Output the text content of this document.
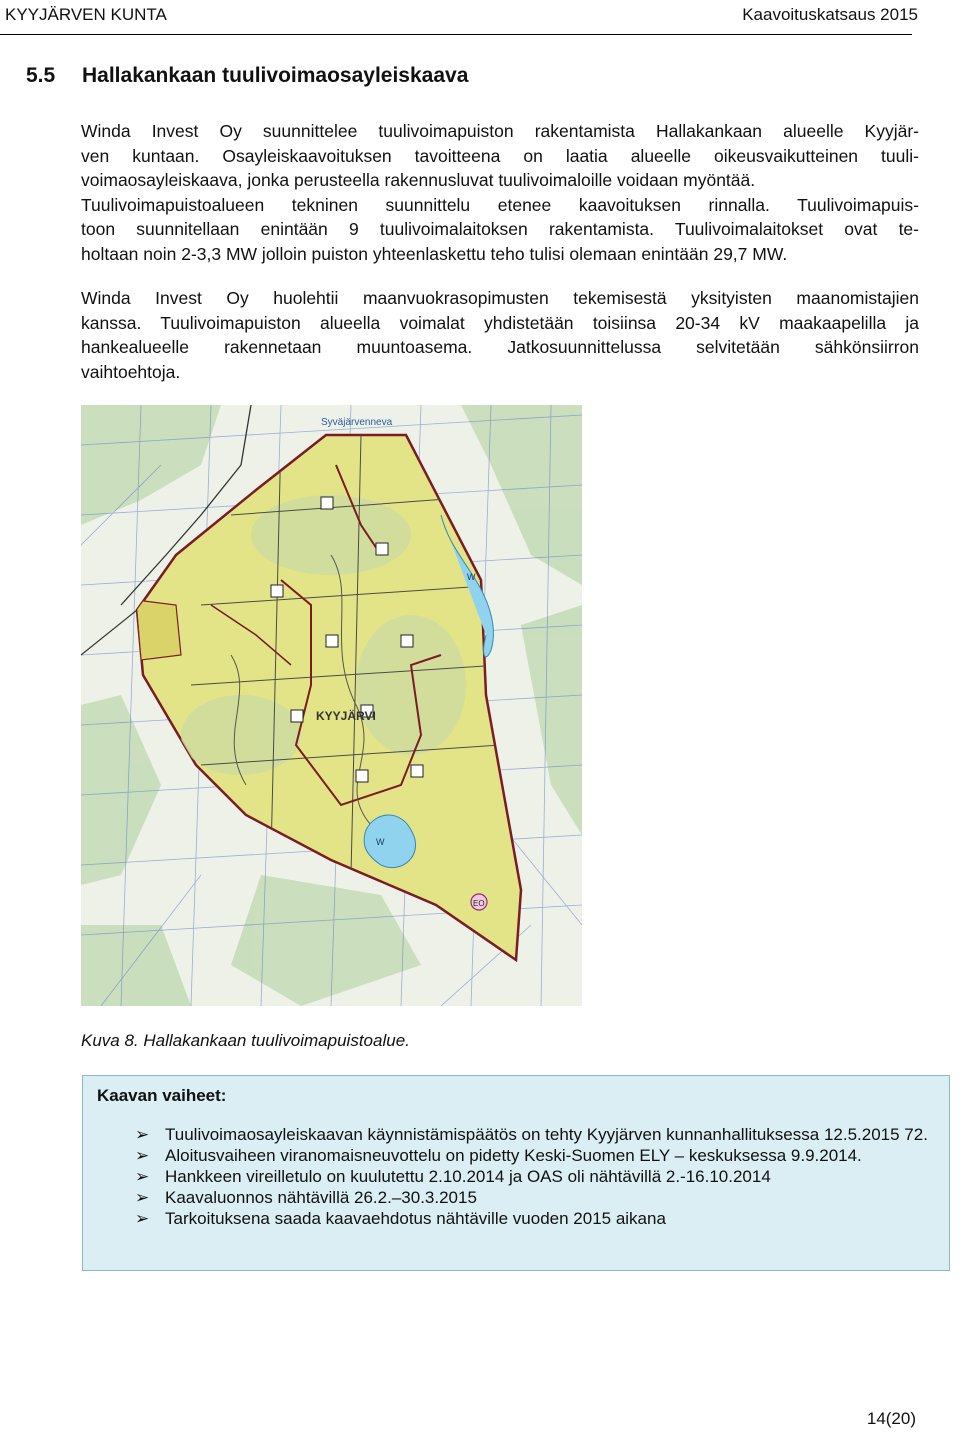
KYYJÄRVEN KUNTA	Kaavoituskatsaus 2015
5.5 Hallakankaan tuulivoimaosayleiskaava
Winda Invest Oy suunnittelee tuulivoimapuiston rakentamista Hallakankaan alueelle Kyyjär-
ven kuntaan. Osayleiskaavoituksen tavoitteena on laatia alueelle oikeusvaikutteinen tuuli-
voimaosayleiskaava, jonka perusteella rakennusluvat tuulivoimaloille voidaan myöntää.
Tuulivoimapuistoalueen tekninen suunnittelu etenee kaavoituksen rinnalla. Tuulivoimapuis-
toon suunnitellaan enintään 9 tuulivoimalaitoksen rakentamista. Tuulivoimalaitokset ovat te-
holtaan noin 2-3,3 MW jolloin puiston yhteenlaskettu teho tulisi olemaan enintään 29,7 MW.
Winda Invest Oy huolehtii maanvuokrasopimusten tekemisestä yksityisten maanomistajien
kanssa. Tuulivoimapuiston alueella voimalat yhdistetään toisiinsa 20-34 kV maakaapelilla ja
hankealueelle rakennetaan muuntoasema. Jatkosuunnittelussa selvitetään sähkönsiirron
vaihtoehtoja.
Syväjärvenneva
KYYJÄRVI
W
W
EO
Kuva 8. Hallakankaan tuulivoimapuistoalue.
Kaavan vaiheet:
➢ Tuulivoimaosayleiskaavan käynnistämispäätös on tehty Kyyjärven kunnanhallituksessa 12.5.2015 72.
➢ Aloitusvaiheen viranomaisneuvottelu on pidetty Keski-Suomen ELY – keskuksessa 9.9.2014.
➢ Hankkeen vireilletulo on kuulutettu 2.10.2014 ja OAS oli nähtävillä 2.-16.10.2014
➢ Kaavaluonnos nähtävillä 26.2.–30.3.2015
➢ Tarkoituksena saada kaavaehdotus nähtäville vuoden 2015 aikana
14(20)
